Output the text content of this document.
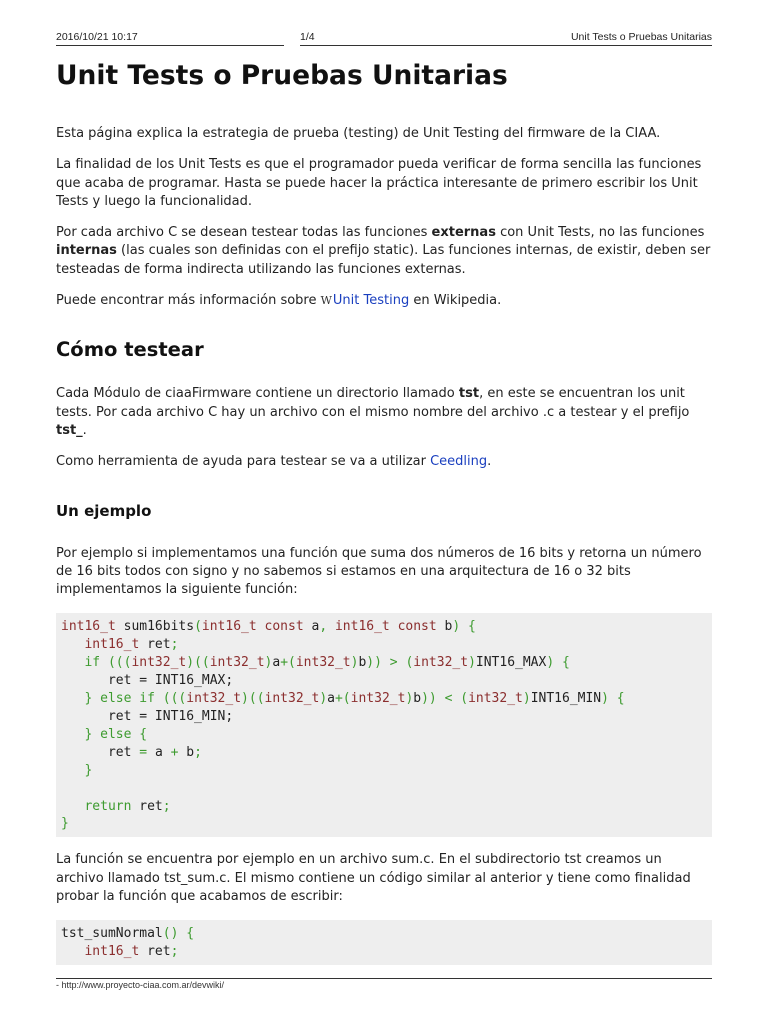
2016/10/21 10:17	1/4	Unit Tests o Pruebas Unitarias
Unit Tests o Pruebas Unitarias

Esta página explica la estrategia de prueba (testing) de Unit Testing del firmware de la CIAA.

La finalidad de los Unit Tests es que el programador pueda verificar de forma sencilla las funciones que acaba de programar. Hasta se puede hacer la práctica interesante de primero escribir los Unit Tests y luego la funcionalidad.

Por cada archivo C se desean testear todas las funciones externas con Unit Tests, no las funciones internas (las cuales son definidas con el prefijo static). Las funciones internas, de existir, deben ser testeadas de forma indirecta utilizando las funciones externas.

Puede encontrar más información sobre WUnit Testing en Wikipedia.

Cómo testear

Cada Módulo de ciaaFirmware contiene un directorio llamado tst, en este se encuentran los unit tests. Por cada archivo C hay un archivo con el mismo nombre del archivo .c a testear y el prefijo tst_.

Como herramienta de ayuda para testear se va a utilizar Ceedling.

Un ejemplo

Por ejemplo si implementamos una función que suma dos números de 16 bits y retorna un número de 16 bits todos con signo y no sabemos si estamos en una arquitectura de 16 o 32 bits implementamos la siguiente función:

int16_t sum16bits(int16_t const a, int16_t const b) {
int16_t ret;
if (((int32_t)((int32_t)a+(int32_t)b)) > (int32_t)INT16_MAX) {
ret = INT16_MAX;
} else if (((int32_t)((int32_t)a+(int32_t)b)) < (int32_t)INT16_MIN) {
ret = INT16_MIN;
} else {
ret = a + b;
}

return ret;
}

La función se encuentra por ejemplo en un archivo sum.c. En el subdirectorio tst creamos un archivo llamado tst_sum.c. El mismo contiene un código similar al anterior y tiene como finalidad probar la función que acabamos de escribir:

tst_sumNormal() {
int16_t ret;
- http://www.proyecto-ciaa.com.ar/devwiki/
